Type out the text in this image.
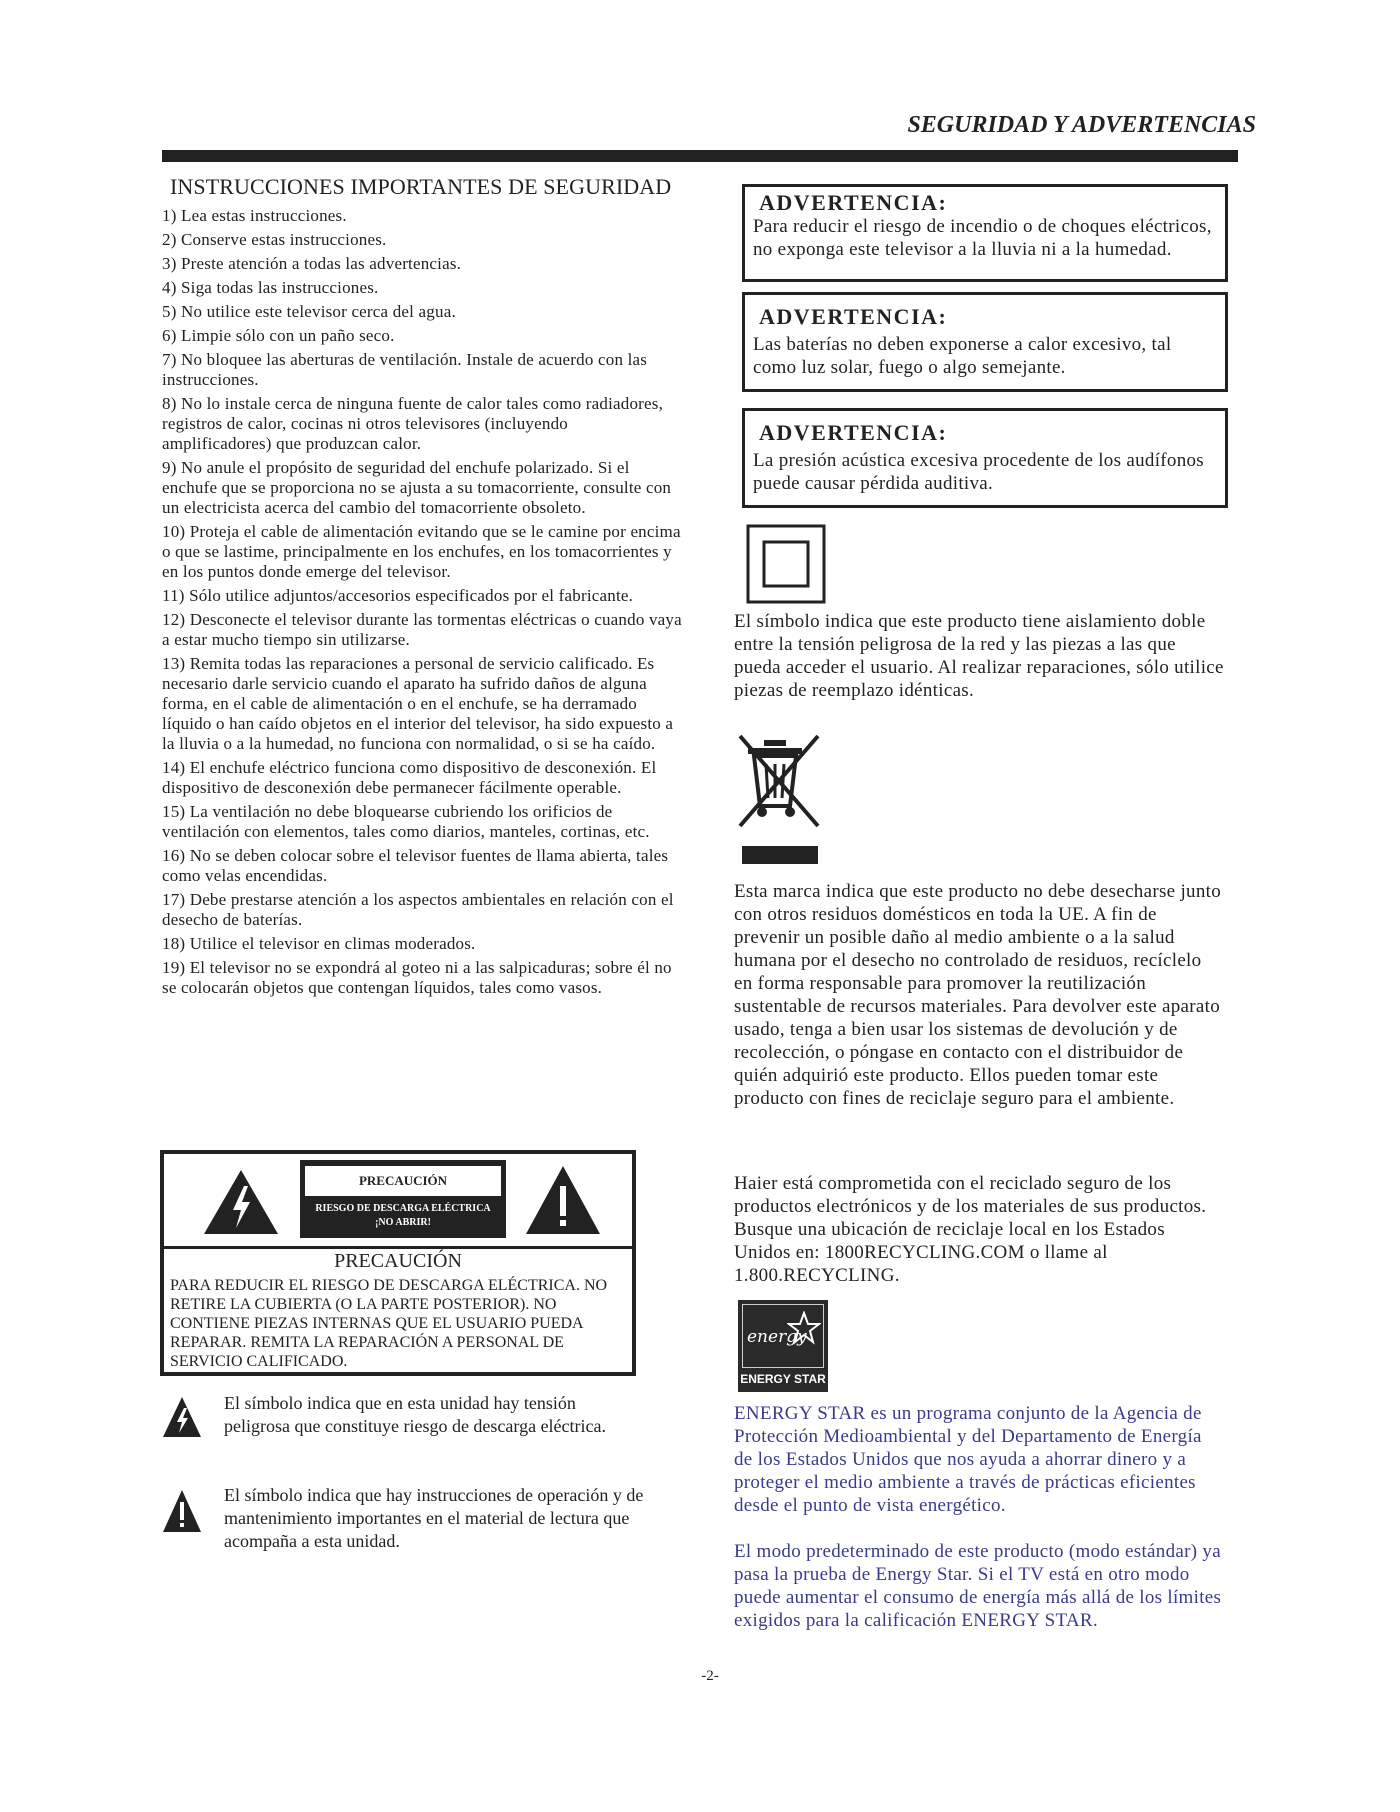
SEGURIDAD Y ADVERTENCIAS
INSTRUCCIONES IMPORTANTES DE SEGURIDAD
1) Lea estas instrucciones.
2) Conserve estas instrucciones.
3) Preste atención a todas las advertencias.
4) Siga todas las instrucciones.
5) No utilice este televisor cerca del agua.
6) Limpie sólo con un paño seco.
7) No bloquee las aberturas de ventilación. Instale de acuerdo con las instrucciones.
8) No lo instale cerca de ninguna fuente de calor tales como radiadores, registros de calor, cocinas ni otros televisores (incluyendo amplificadores) que produzcan calor.
9) No anule el propósito de seguridad del enchufe polarizado. Si el enchufe que se proporciona no se ajusta a su tomacorriente, consulte con un electricista acerca del cambio del tomacorriente obsoleto.
10) Proteja el cable de alimentación evitando que se le camine por encima o que se lastime, principalmente en los enchufes, en los tomacorrientes y en los puntos donde emerge del televisor.
11) Sólo utilice adjuntos/accesorios especificados por el fabricante.
12) Desconecte el televisor durante las tormentas eléctricas o cuando vaya a estar mucho tiempo sin utilizarse.
13) Remita todas las reparaciones a personal de servicio calificado. Es necesario darle servicio cuando el aparato ha sufrido daños de alguna forma, en el cable de alimentación o en el enchufe, se ha derramado líquido o han caído objetos en el interior del televisor, ha sido expuesto a la lluvia o a la humedad, no funciona con normalidad, o si se ha caído.
14) El enchufe eléctrico funciona como dispositivo de desconexión. El dispositivo de desconexión debe permanecer fácilmente operable.
15) La ventilación no debe bloquearse cubriendo los orificios de ventilación con elementos, tales como diarios, manteles, cortinas, etc.
16) No se deben colocar sobre el televisor fuentes de llama abierta, tales como velas encendidas.
17) Debe prestarse atención a los aspectos ambientales en relación con el desecho de baterías.
18) Utilice el televisor en climas moderados.
19) El televisor no se expondrá al goteo ni a las salpicaduras; sobre él no se colocarán objetos que contengan líquidos, tales como vasos.
PRECAUCIÓN
RIESGO DE DESCARGA ELÉCTRICA
¡NO ABRIR!
PRECAUCIÓN
PARA REDUCIR EL RIESGO DE DESCARGA ELÉCTRICA. NO RETIRE LA CUBIERTA (O LA PARTE POSTERIOR). NO CONTIENE PIEZAS INTERNAS QUE EL USUARIO PUEDA REPARAR. REMITA LA REPARACIÓN A PERSONAL DE SERVICIO CALIFICADO.
El símbolo indica que en esta unidad hay tensión peligrosa que constituye riesgo de descarga eléctrica.
El símbolo indica que hay instrucciones de operación y de mantenimiento importantes en el material de lectura que acompaña a esta unidad.
ADVERTENCIA:
Para reducir el riesgo de incendio o de choques eléctricos, no exponga este televisor a la lluvia ni a la humedad.
ADVERTENCIA:
Las baterías no deben exponerse a calor excesivo, tal como luz solar, fuego o algo semejante.
ADVERTENCIA:
La presión acústica excesiva procedente de los audífonos puede causar pérdida auditiva.
El símbolo indica que este producto tiene aislamiento doble entre la tensión peligrosa de la red y las piezas a las que pueda acceder el usuario. Al realizar reparaciones, sólo utilice piezas de reemplazo idénticas.
Esta marca indica que este producto no debe desecharse junto con otros residuos domésticos en toda la UE. A fin de prevenir un posible daño al medio ambiente o a la salud humana por el desecho no controlado de residuos, recíclelo en forma responsable para promover la reutilización sustentable de recursos materiales. Para devolver este aparato usado, tenga a bien usar los sistemas de devolución y de recolección, o póngase en contacto con el distribuidor de quién adquirió este producto. Ellos pueden tomar este producto con fines de reciclaje seguro para el ambiente.
Haier está comprometida con el reciclado seguro de los productos electrónicos y de los materiales de sus productos. Busque una ubicación de reciclaje local en los Estados Unidos en: 1800RECYCLING.COM o llame al 1.800.RECYCLING.
energy
ENERGY STAR
ENERGY STAR es un programa conjunto de la Agencia de Protección Medioambiental y del Departamento de Energía de los Estados Unidos que nos ayuda a ahorrar dinero y a proteger el medio ambiente a través de prácticas eficientes desde el punto de vista energético.
El modo predeterminado de este producto (modo estándar) ya pasa la prueba de Energy Star. Si el TV está en otro modo puede aumentar el consumo de energía más allá de los límites exigidos para la calificación ENERGY STAR.
-2-
